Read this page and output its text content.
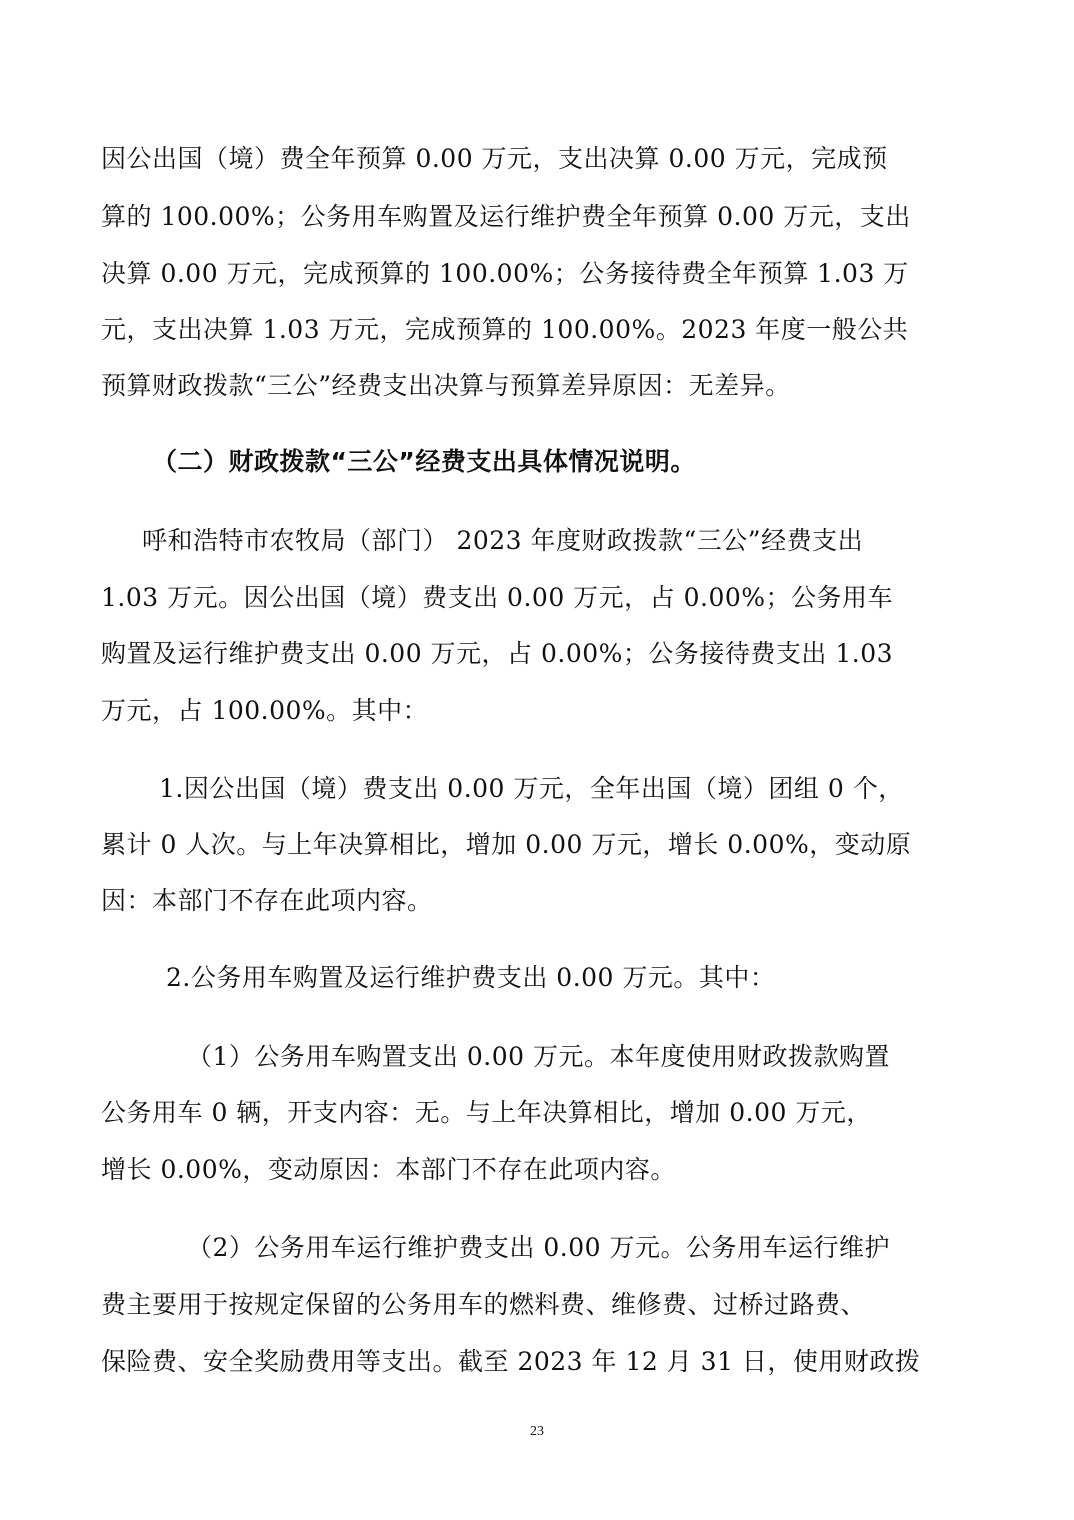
因公出国（境）费全年预算 0.00 万元，支出决算 0.00 万元，完成预
算的 100.00%；公务用车购置及运行维护费全年预算 0.00 万元，支出
决算 0.00 万元，完成预算的 100.00%；公务接待费全年预算 1.03 万
元，支出决算 1.03 万元，完成预算的 100.00%。2023 年度一般公共
预算财政拨款“三公”经费支出决算与预算差异原因：无差异。
（二）财政拨款“三公”经费支出具体情况说明。
呼和浩特市农牧局（部门） 2023 年度财政拨款“三公”经费支出
1.03 万元。因公出国（境）费支出 0.00 万元，占 0.00%；公务用车
购置及运行维护费支出 0.00 万元，占 0.00%；公务接待费支出 1.03
万元，占 100.00%。其中：
1.因公出国（境）费支出 0.00 万元，全年出国（境）团组 0 个，
累计 0 人次。与上年决算相比，增加 0.00 万元，增长 0.00%，变动原
因：本部门不存在此项内容。
2.公务用车购置及运行维护费支出 0.00 万元。其中：
（1）公务用车购置支出 0.00 万元。本年度使用财政拨款购置
公务用车 0 辆，开支内容：无。与上年决算相比，增加 0.00 万元，
增长 0.00%，变动原因：本部门不存在此项内容。
（2）公务用车运行维护费支出 0.00 万元。公务用车运行维护
费主要用于按规定保留的公务用车的燃料费、维修费、过桥过路费、
保险费、安全奖励费用等支出。截至 2023 年 12 月 31 日，使用财政拨
23
